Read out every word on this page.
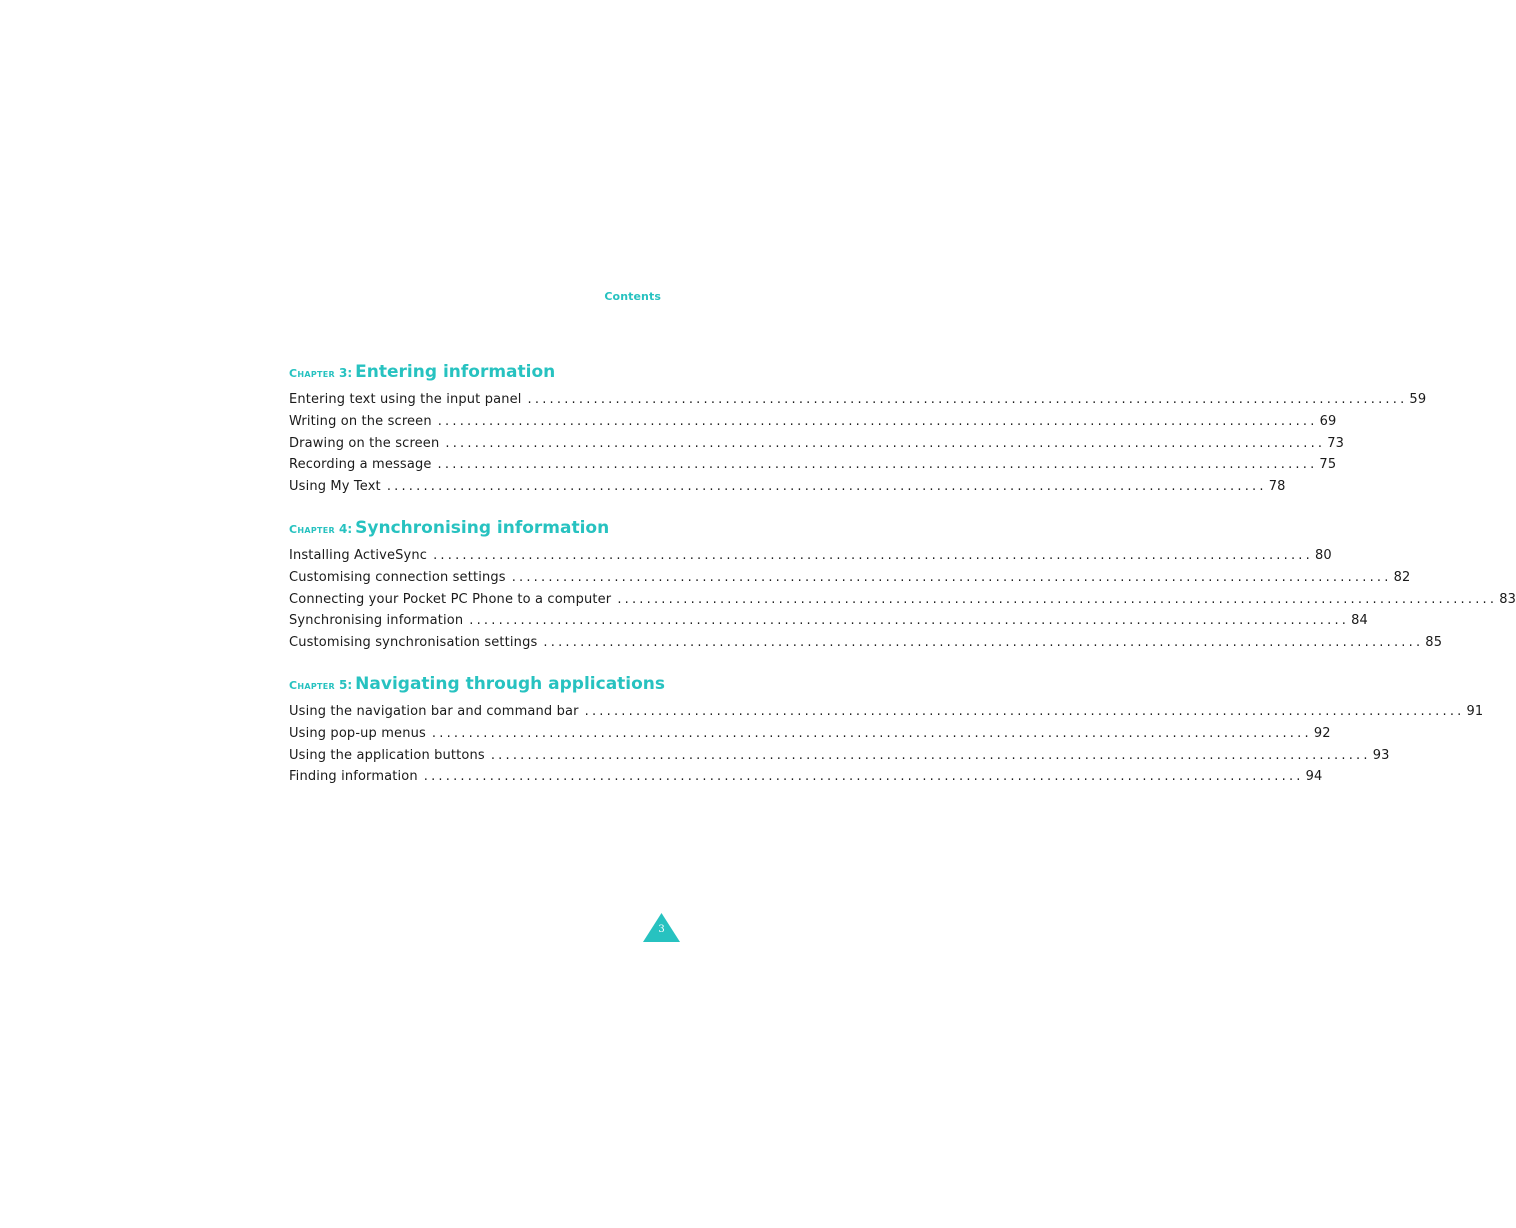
Contents
Chapter 3: Entering information
Entering text using the input panel ........................................................................................................................ 59
Writing on the screen ........................................................................................................................ 69
Drawing on the screen ........................................................................................................................ 73
Recording a message ........................................................................................................................ 75
Using My Text ........................................................................................................................ 78
Chapter 4: Synchronising information
Installing ActiveSync ........................................................................................................................ 80
Customising connection settings ........................................................................................................................ 82
Connecting your Pocket PC Phone to a computer ........................................................................................................................ 83
Synchronising information ........................................................................................................................ 84
Customising synchronisation settings ........................................................................................................................ 85
Chapter 5: Navigating through applications
Using the navigation bar and command bar ........................................................................................................................ 91
Using pop-up menus ........................................................................................................................ 92
Using the application buttons ........................................................................................................................ 93
Finding information ........................................................................................................................ 94
3
